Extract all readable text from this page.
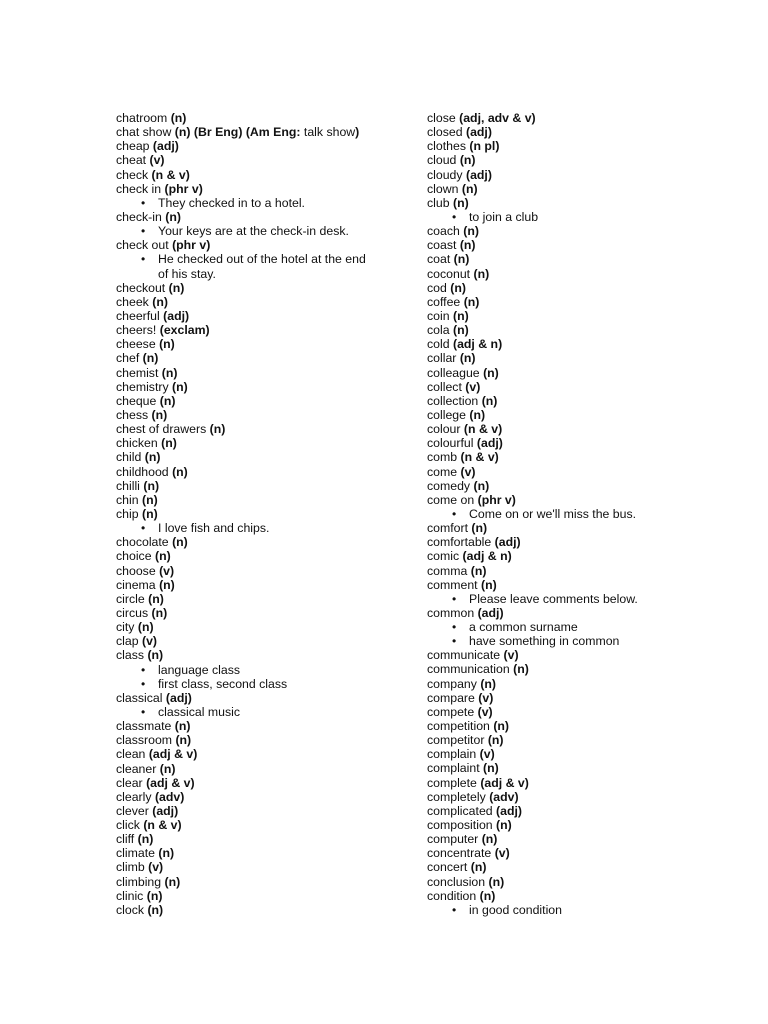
chatroom (n)
chat show (n) (Br Eng) (Am Eng: talk show)
cheap (adj)
cheat (v)
check (n & v)
check in (phr v)
• They checked in to a hotel.
check-in (n)
• Your keys are at the check-in desk.
check out (phr v)
• He checked out of the hotel at the end of his stay.
checkout (n)
cheek (n)
cheerful (adj)
cheers! (exclam)
cheese (n)
chef (n)
chemist (n)
chemistry (n)
cheque (n)
chess (n)
chest of drawers (n)
chicken (n)
child (n)
childhood (n)
chilli (n)
chin (n)
chip (n)
• I love fish and chips.
chocolate (n)
choice (n)
choose (v)
cinema (n)
circle (n)
circus (n)
city (n)
clap (v)
class (n)
• language class
• first class, second class
classical (adj)
• classical music
classmate (n)
classroom (n)
clean (adj & v)
cleaner (n)
clear (adj & v)
clearly (adv)
clever (adj)
click (n & v)
cliff (n)
climate (n)
climb (v)
climbing (n)
clinic (n)
clock (n)
close (adj, adv & v)
closed (adj)
clothes (n pl)
cloud (n)
cloudy (adj)
clown (n)
club (n)
• to join a club
coach (n)
coast (n)
coat (n)
coconut (n)
cod (n)
coffee (n)
coin (n)
cola (n)
cold (adj & n)
collar (n)
colleague (n)
collect (v)
collection (n)
college (n)
colour (n & v)
colourful (adj)
comb (n & v)
come (v)
comedy (n)
come on (phr v)
• Come on or we'll miss the bus.
comfort (n)
comfortable (adj)
comic (adj & n)
comma (n)
comment (n)
• Please leave comments below.
common (adj)
• a common surname
• have something in common
communicate (v)
communication (n)
company (n)
compare (v)
compete (v)
competition (n)
competitor (n)
complain (v)
complaint (n)
complete (adj & v)
completely (adv)
complicated (adj)
composition (n)
computer (n)
concentrate (v)
concert (n)
conclusion (n)
condition (n)
• in good condition
